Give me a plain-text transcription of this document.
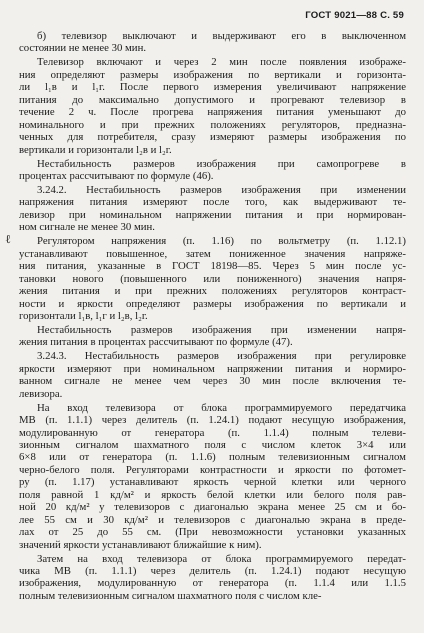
ГОСТ 9021—88 С. 59
ℓ
б) телевизор выключают и выдерживают его в выключенном
состоянии не менее 30 мин.
Телевизор включают и через 2 мин после появления изображе-
ния определяют размеры изображения по вертикали и горизонта-
ли l₁в и l₁г. После первого измерения увеличивают напряжение
питания до максимально допустимого и прогревают телевизор в
течение 2 ч. После прогрева напряжения питания уменьшают до
номинального и при прежних положениях регуляторов, предназна-
ченных для потребителя, сразу измеряют размеры изображения по
вертикали и горизонтали l₂в и l₂г.
Нестабильность размеров изображения при самопрогреве в
процентах рассчитывают по формуле (46).
3.24.2. Нестабильность размеров изображения при изменении
напряжения питания измеряют после того, как выдерживают те-
левизор при номинальном напряжении питания и при нормирован-
ном сигнале не менее 30 мин.
Регулятором напряжения (п. 1.16) по вольтметру (п. 1.12.1)
устанавливают повышенное, затем пониженное значения напряже-
ния питания, указанные в ГОСТ 18198—85. Через 5 мин после ус-
тановки нового (повышенного или пониженного) значения напря-
жения питания и при прежних положениях регуляторов контраст-
ности и яркости определяют размеры изображения по вертикали и
горизонтали l₁в, l₁г и l₂в, l₂г.
Нестабильность размеров изображения при изменении напря-
жения питания в процентах рассчитывают по формуле (47).
3.24.3. Нестабильность размеров изображения при регулировке
яркости измеряют при номинальном напряжении питания и нормиро-
ванном сигнале не менее чем через 30 мин после включения те-
левизора.
На вход телевизора от блока программируемого передатчика
МВ (п. 1.1.1) через делитель (п. 1.24.1) подают несущую изображения,
модулированную от генератора (п. 1.1.4) полным телеви-
зионным сигналом шахматного поля с числом клеток 3×4 или
6×8 или от генератора (п. 1.1.6) полным телевизионным сигналом
черно-белого поля. Регуляторами контрастности и яркости по фотомет-
ру (п. 1.17) устанавливают яркость черной клетки или черного
поля равной 1 кд/м² и яркость белой клетки или белого поля рав-
ной 20 кд/м² у телевизоров с диагональю экрана менее 25 см и бо-
лее 55 см и 30 кд/м² и телевизоров с диагональю экрана в преде-
лах от 25 до 55 см. (При невозможности установки указанных
значений яркости устанавливают ближайшие к ним).
Затем на вход телевизора от блока программируемого передат-
чика МВ (п. 1.1.1) через делитель (п. 1.24.1) подают несущую
изображения, модулированную от генератора (п. 1.1.4 или 1.1.5
полным телевизионным сигналом шахматного поля с числом кле-
